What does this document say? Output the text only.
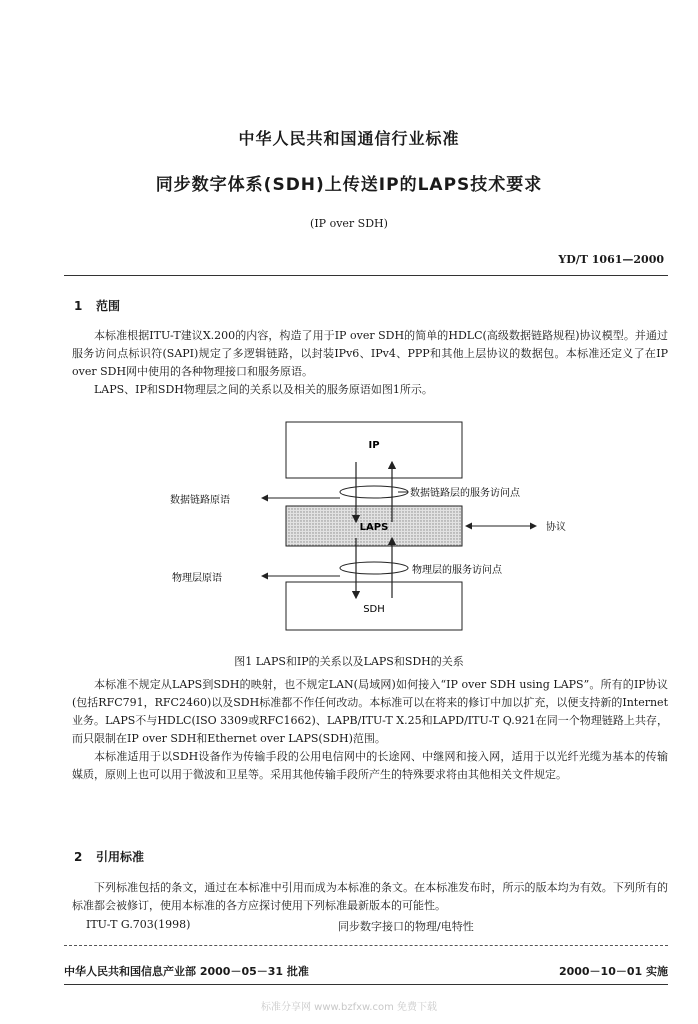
中华人民共和国通信行业标准
同步数字体系(SDH)上传送IP的LAPS技术要求
(IP over SDH)
YD/T 1061—2000
1 范围

本标准根据ITU-T建议X.200的内容，构造了用于IP over SDH的简单的HDLC(高级数据链路规程)协议模型。并通过服务访问点标识符(SAPI)规定了多逻辑链路，以封装IPv6、IPv4、PPP和其他上层协议的数据包。本标准还定义了在IP over SDH网中使用的各种物理接口和服务原语。

LAPS、IP和SDH物理层之间的关系以及相关的服务原语如图1所示。

IP
LAPS
SDH
数据链路原语
数据链路层的服务访问点
协议
物理层原语
物理层的服务访问点
图1 LAPS和IP的关系以及LAPS和SDH的关系

本标准不规定从LAPS到SDH的映射，也不规定LAN(局域网)如何接入“IP over SDH using LAPS”。所有的IP协议(包括RFC791，RFC2460)以及SDH标准都不作任何改动。本标准可以在将来的修订中加以扩充，以便支持新的Internet业务。LAPS不与HDLC(ISO 3309或RFC1662)、LAPB/ITU-T X.25和LAPD/ITU-T Q.921在同一个物理链路上共存，而只限制在IP over SDH和Ethernet over LAPS(SDH)范围。

本标准适用于以SDH设备作为传输手段的公用电信网中的长途网、中继网和接入网，适用于以光纤光缆为基本的传输媒质，原则上也可以用于微波和卫星等。采用其他传输手段所产生的特殊要求将由其他相关文件规定。

2 引用标准

下列标准包括的条文，通过在本标准中引用而成为本标准的条文。在本标准发布时，所示的版本均为有效。下列所有的标准都会被修订，使用本标准的各方应探讨使用下列标准最新版本的可能性。

ITU-T G.703(1998)	同步数字接口的物理/电特性
中华人民共和国信息产业部 2000－05－31 批准	2000－10－01 实施
标准分享网 www.bzfxw.com 免费下载
